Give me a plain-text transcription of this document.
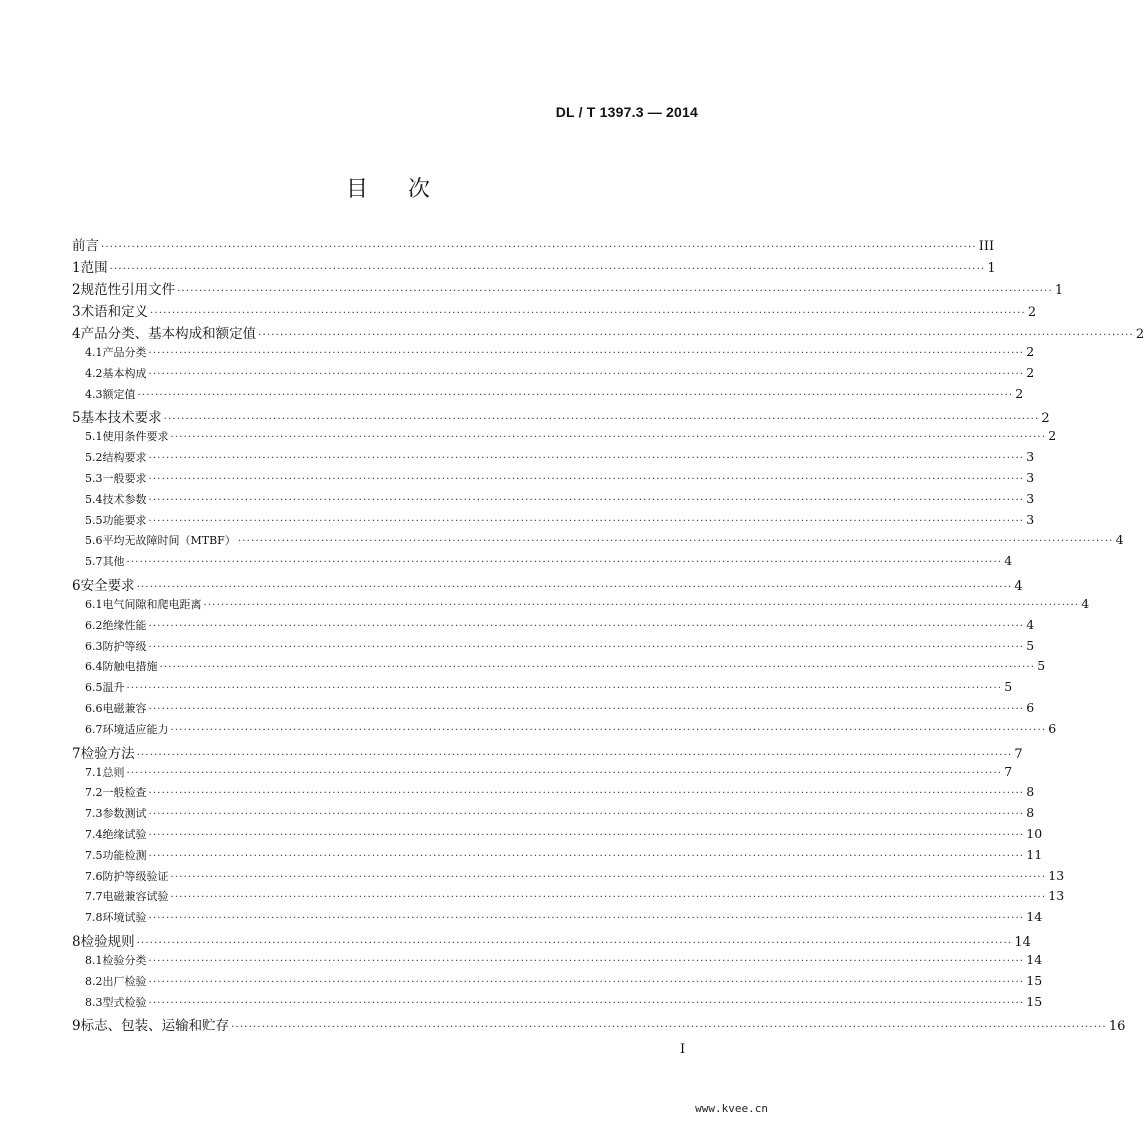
DL / T 1397.3 — 2014
目次
前言 ········································································································································································································ III
1 范围 ········································································································································································································ 1
2 规范性引用文件 ········································································································································································································ 1
3 术语和定义 ········································································································································································································ 2
4 产品分类、基本构成和额定值 ········································································································································································································ 2
4.1 产品分类 ········································································································································································································ 2
4.2 基本构成 ········································································································································································································ 2
4.3 额定值 ········································································································································································································ 2
5 基本技术要求 ········································································································································································································ 2
5.1 使用条件要求 ········································································································································································································ 2
5.2 结构要求 ········································································································································································································ 3
5.3 一般要求 ········································································································································································································ 3
5.4 技术参数 ········································································································································································································ 3
5.5 功能要求 ········································································································································································································ 3
5.6 平均无故障时间（MTBF） ········································································································································································································ 4
5.7 其他 ········································································································································································································ 4
6 安全要求 ········································································································································································································ 4
6.1 电气间隙和爬电距离 ········································································································································································································ 4
6.2 绝缘性能 ········································································································································································································ 4
6.3 防护等级 ········································································································································································································ 5
6.4 防触电措施 ········································································································································································································ 5
6.5 温升 ········································································································································································································ 5
6.6 电磁兼容 ········································································································································································································ 6
6.7 环境适应能力 ········································································································································································································ 6
7 检验方法 ········································································································································································································ 7
7.1 总则 ········································································································································································································ 7
7.2 一般检查 ········································································································································································································ 8
7.3 参数测试 ········································································································································································································ 8
7.4 绝缘试验 ········································································································································································································ 10
7.5 功能检测 ········································································································································································································ 11
7.6 防护等级验证 ········································································································································································································ 13
7.7 电磁兼容试验 ········································································································································································································ 13
7.8 环境试验 ········································································································································································································ 14
8 检验规则 ········································································································································································································ 14
8.1 检验分类 ········································································································································································································ 14
8.2 出厂检验 ········································································································································································································ 15
8.3 型式检验 ········································································································································································································ 15
9 标志、包装、运输和贮存 ········································································································································································································ 16
I
www.kvee.cn
